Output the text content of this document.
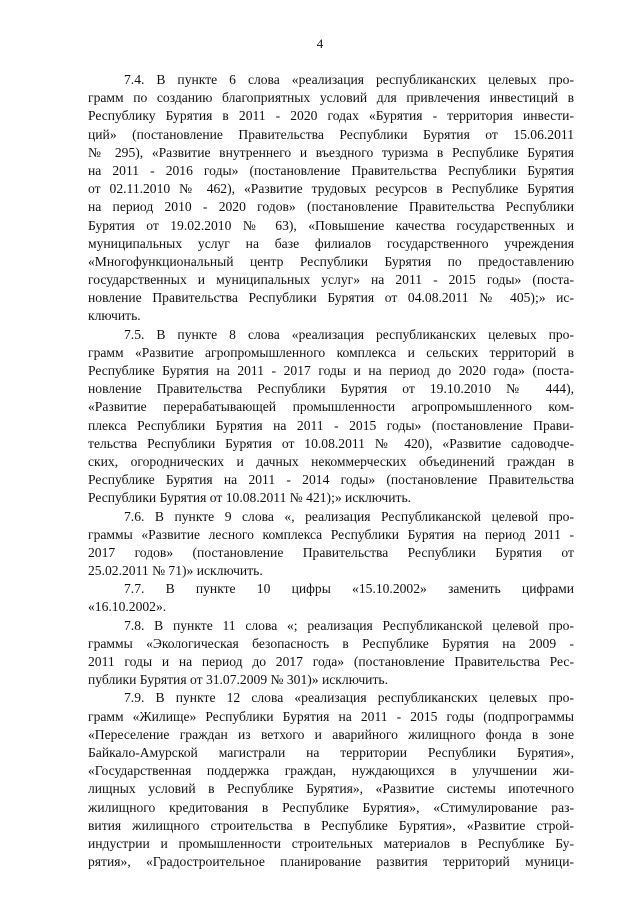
4
7.4. В пункте 6 слова «реализация республиканских целевых про-
грамм по созданию благоприятных условий для привлечения инвестиций в
Республику Бурятия в 2011 - 2020 годах «Бурятия - территория инвести-
ций» (постановление Правительства Республики Бурятия от 15.06.2011
№ 295), «Развитие внутреннего и въездного туризма в Республике Бурятия
на 2011 - 2016 годы» (постановление Правительства Республики Бурятия
от 02.11.2010 № 462), «Развитие трудовых ресурсов в Республике Бурятия
на период 2010 - 2020 годов» (постановление Правительства Республики
Бурятия от 19.02.2010 № 63), «Повышение качества государственных и
муниципальных услуг на базе филиалов государственного учреждения
«Многофункциональный центр Республики Бурятия по предоставлению
государственных и муниципальных услуг» на 2011 - 2015 годы» (поста-
новление Правительства Республики Бурятия от 04.08.2011 № 405);» ис-
ключить.
7.5. В пункте 8 слова «реализация республиканских целевых про-
грамм «Развитие агропромышленного комплекса и сельских территорий в
Республике Бурятия на 2011 - 2017 годы и на период до 2020 года» (поста-
новление Правительства Республики Бурятия от 19.10.2010 № 444),
«Развитие перерабатывающей промышленности агропромышленного ком-
плекса Республики Бурятия на 2011 - 2015 годы» (постановление Прави-
тельства Республики Бурятия от 10.08.2011 № 420), «Развитие садоводче-
ских, огороднических и дачных некоммерческих объединений граждан в
Республике Бурятия на 2011 - 2014 годы» (постановление Правительства
Республики Бурятия от 10.08.2011 № 421);» исключить.
7.6. В пункте 9 слова «, реализация Республиканской целевой про-
граммы «Развитие лесного комплекса Республики Бурятия на период 2011 -
2017 годов» (постановление Правительства Республики Бурятия от
25.02.2011 № 71)» исключить.
7.7. В пункте 10 цифры «15.10.2002» заменить цифрами
«16.10.2002».
7.8. В пункте 11 слова «; реализация Республиканской целевой про-
граммы «Экологическая безопасность в Республике Бурятия на 2009 -
2011 годы и на период до 2017 года» (постановление Правительства Рес-
публики Бурятия от 31.07.2009 № 301)» исключить.
7.9. В пункте 12 слова «реализация республиканских целевых про-
грамм «Жилище» Республики Бурятия на 2011 - 2015 годы (подпрограммы
«Переселение граждан из ветхого и аварийного жилищного фонда в зоне
Байкало-Амурской магистрали на территории Республики Бурятия»,
«Государственная поддержка граждан, нуждающихся в улучшении жи-
лищных условий в Республике Бурятия», «Развитие системы ипотечного
жилищного кредитования в Республике Бурятия», «Стимулирование раз-
вития жилищного строительства в Республике Бурятия», «Развитие строй-
индустрии и промышленности строительных материалов в Республике Бу-
рятия», «Градостроительное планирование развития территорий муници-
